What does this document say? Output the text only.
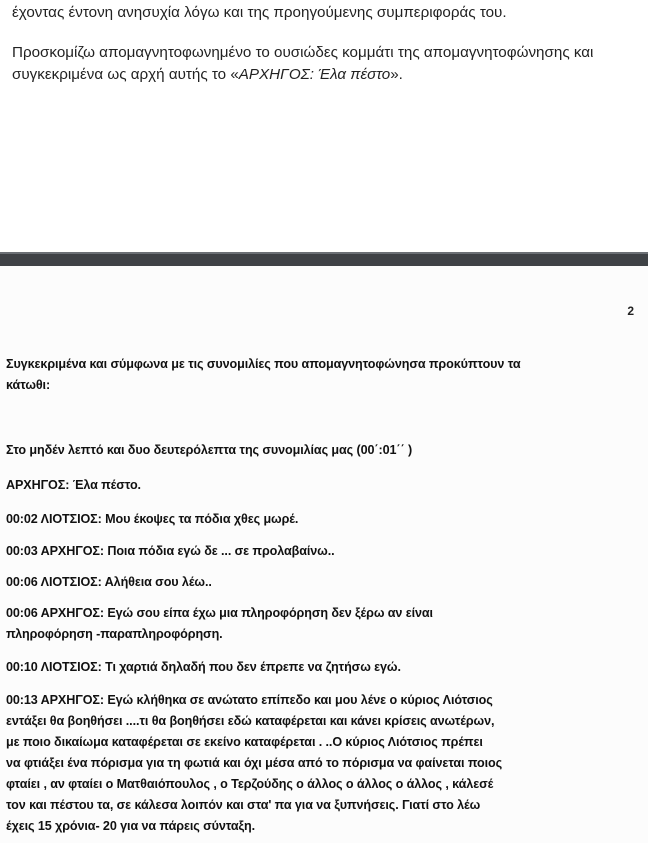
έχοντας έντονη ανησυχία λόγω και της προηγούμενης συμπεριφοράς του.

Προσκομίζω απομαγνητοφωνημένο το ουσιώδες κομμάτι της απομαγνητοφώνησης και
συγκεκριμένα ως αρχή αυτής το «ΑΡΧΗΓΟΣ: Έλα πέστο».

2

Συγκεκριμένα και σύμφωνα με τις συνομιλίες που απομαγνητοφώνησα προκύπτουν τα

κάτωθι:

Στο μηδέν λεπτό και δυο δευτερόλεπτα της συνομιλίας μας (00΄:01΄΄ )

ΑΡΧΗΓΟΣ: Έλα πέστο.

00:02 ΛΙΟΤΣΙΟΣ: Μου έκοψες τα πόδια χθες μωρέ.

00:03 ΑΡΧΗΓΟΣ: Ποια πόδια εγώ δε ... σε προλαβαίνω..

00:06 ΛΙΟΤΣΙΟΣ: Αλήθεια σου λέω..

00:06 ΑΡΧΗΓΟΣ: Εγώ σου είπα έχω μια πληροφόρηση δεν ξέρω αν είναι

πληροφόρηση -παραπληροφόρηση.

00:10 ΛΙΟΤΣΙΟΣ: Τι χαρτιά δηλαδή που δεν έπρεπε να ζητήσω εγώ.

00:13 ΑΡΧΗΓΟΣ: Εγώ κλήθηκα σε ανώτατο επίπεδο και μου λένε ο κύριος Λιότσιος

εντάξει θα βοηθήσει ....τι θα βοηθήσει εδώ καταφέρεται και κάνει κρίσεις ανωτέρων,

με ποιο δικαίωμα καταφέρεται σε εκείνο καταφέρεται . ..Ο κύριος Λιότσιος πρέπει

να φτιάξει ένα πόρισμα για τη φωτιά και όχι μέσα από το πόρισμα να φαίνεται ποιος

φταίει , αν φταίει ο Ματθαιόπουλος , ο Τερζούδης ο άλλος ο άλλος ο άλλος , κάλεσέ

τον και πέστου τα, σε κάλεσα λοιπόν και στα' πα για να ξυπνήσεις. Γιατί στο λέω

έχεις 15 χρόνια- 20 για να πάρεις σύνταξη.
